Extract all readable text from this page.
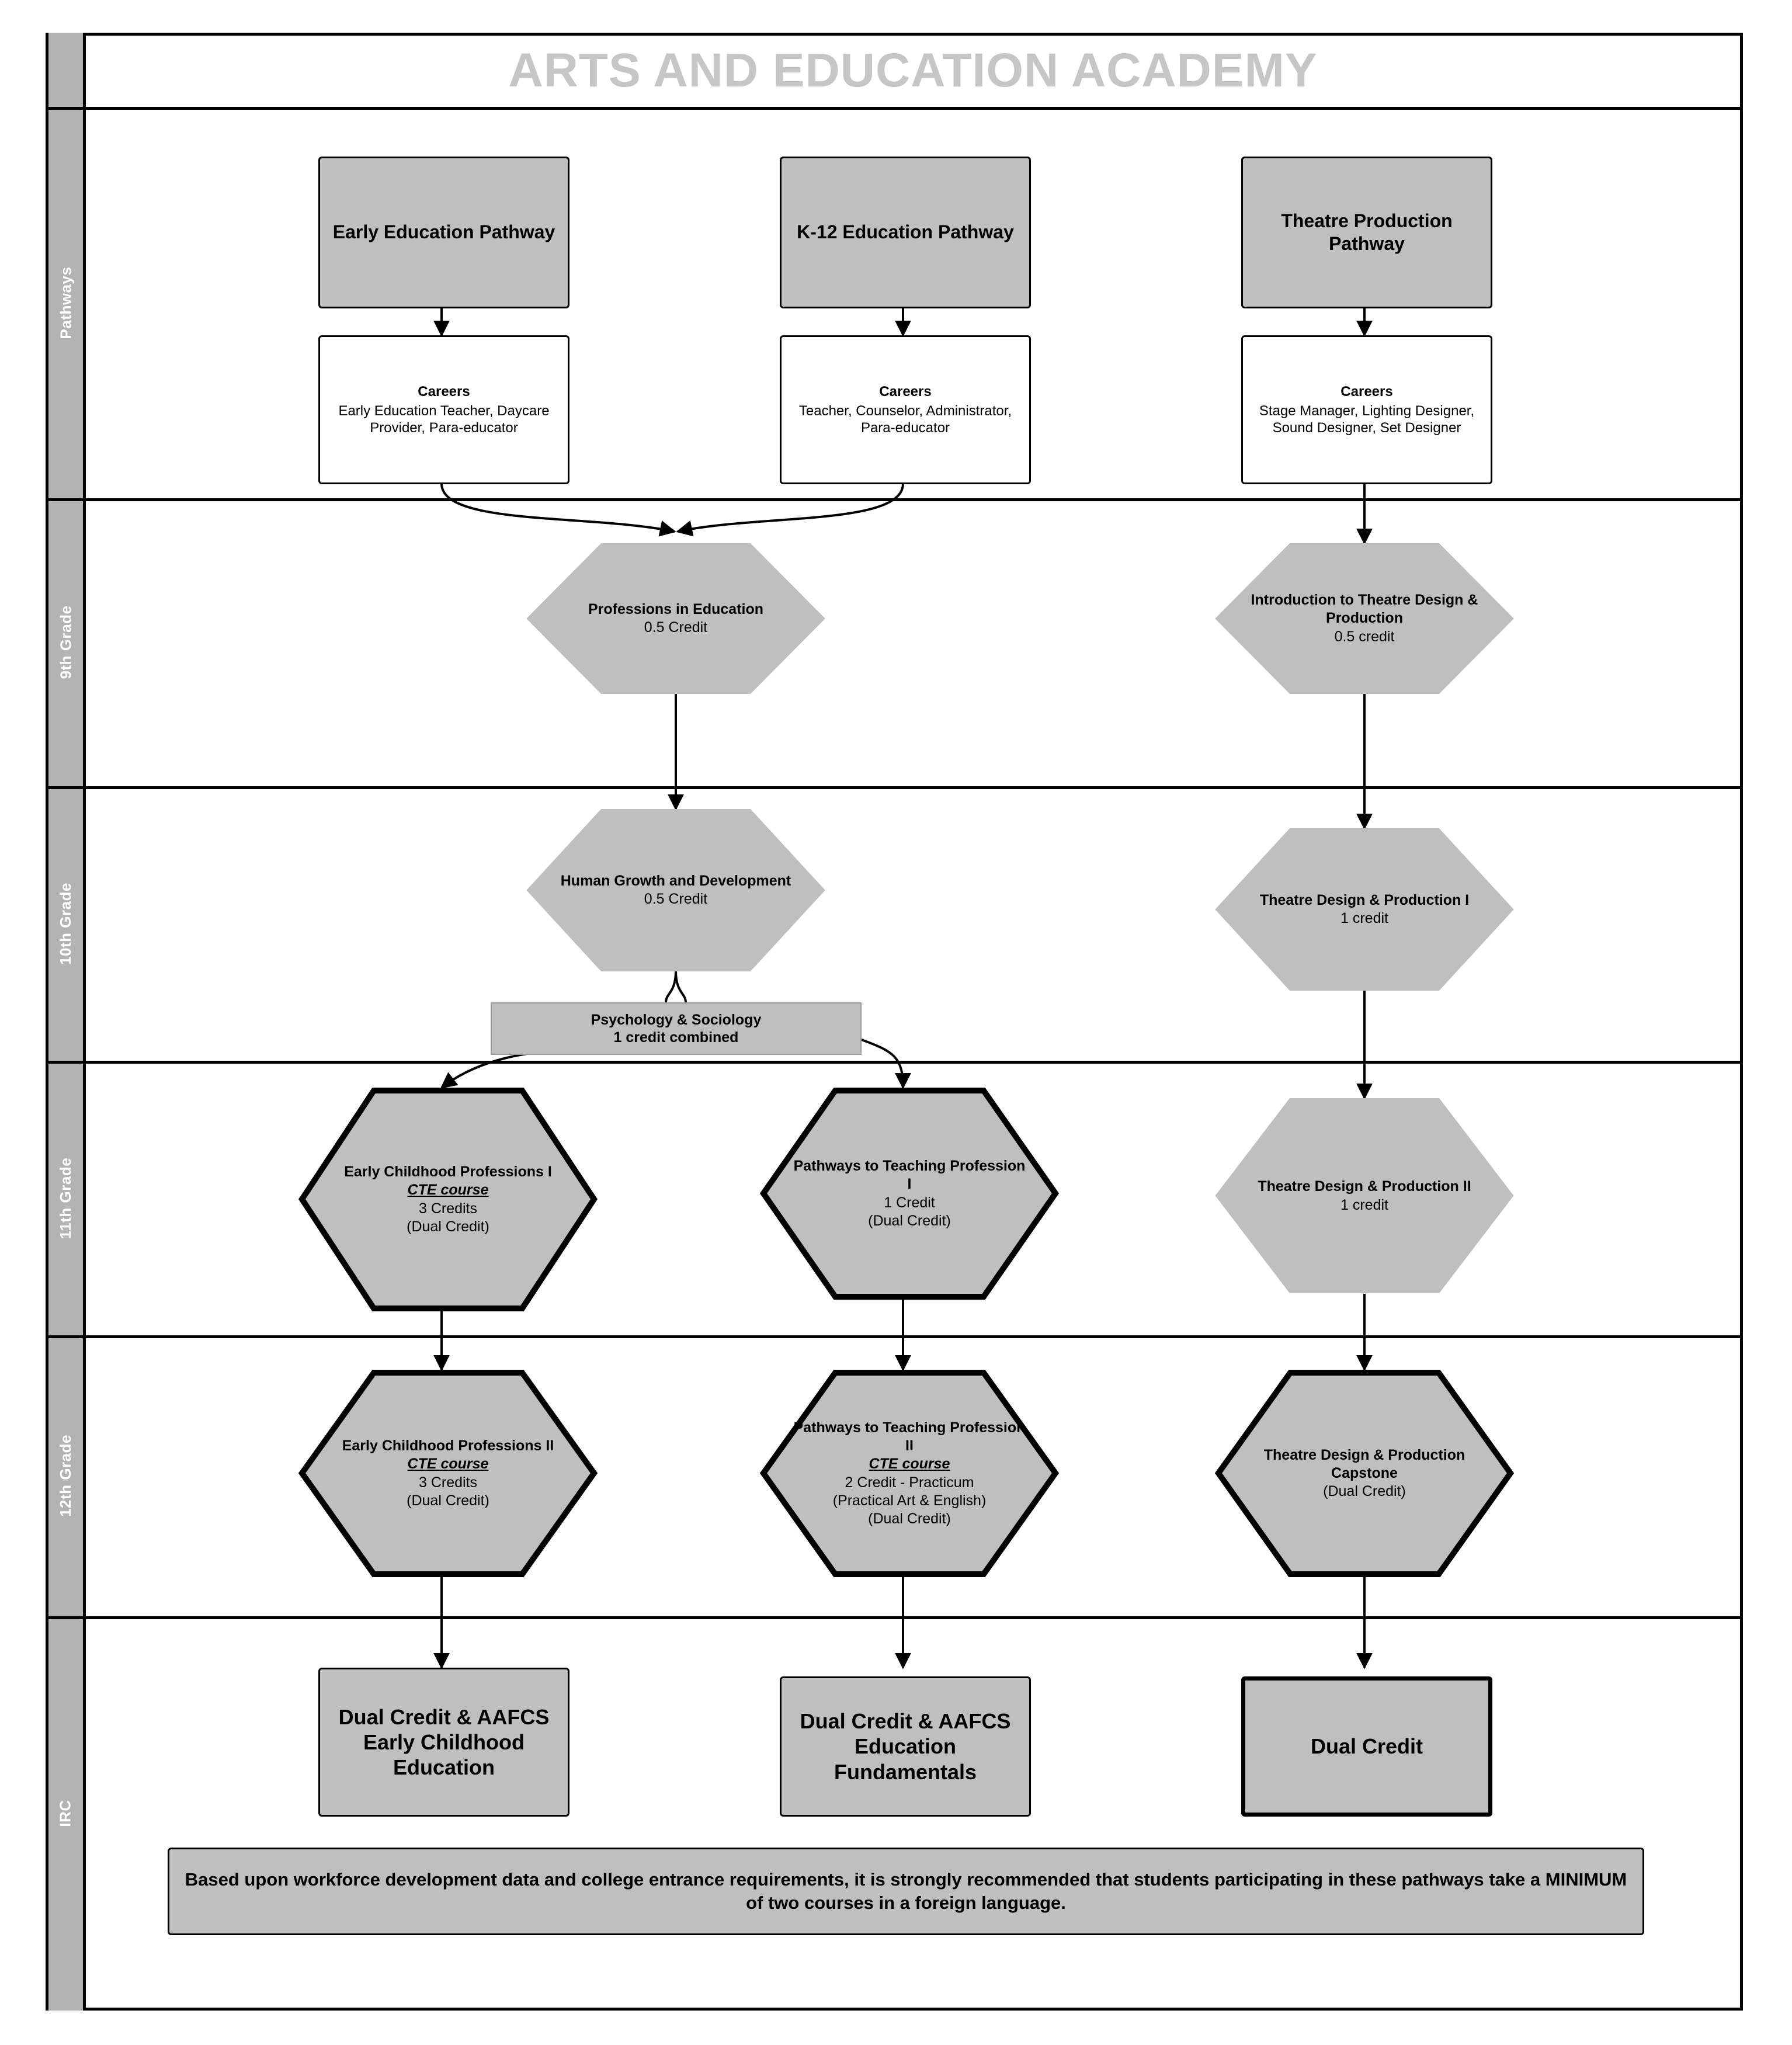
Pathways
9th Grade
10th Grade
11th Grade
12th Grade
IRC
ARTS AND EDUCATION ACADEMY
Early Education Pathway	K-12 Education Pathway
Theatre Production Pathway
Careers
Early Education Teacher, Daycare Provider, Para-educator
Careers
Teacher, Counselor, Administrator, Para-educator
Careers
Stage Manager, Lighting Designer, Sound Designer, Set Designer
Professions in Education
0.5 Credit
Introduction to Theatre Design & Production
0.5 credit
Human Growth and Development
0.5 Credit	Theatre Design & Production I
1 credit
Psychology & Sociology
1 credit combined
Early Childhood Professions I
CTE course
3 Credits
(Dual Credit)
Pathways to Teaching Profession I
1 Credit
(Dual Credit)
Theatre Design & Production II
1 credit
Early Childhood Professions II
CTE course
3 Credits
(Dual Credit)
Pathways to Teaching Profession II
CTE course
2 Credit - Practicum
(Practical Art & English)
(Dual Credit)
Theatre Design & Production Capstone
(Dual Credit)
Dual Credit & AAFCS Early Childhood Education
Dual Credit & AAFCS Education Fundamentals
Dual Credit
Based upon workforce development data and college entrance requirements, it is strongly recommended that students participating in these pathways take a MINIMUM of two courses in a foreign language.
